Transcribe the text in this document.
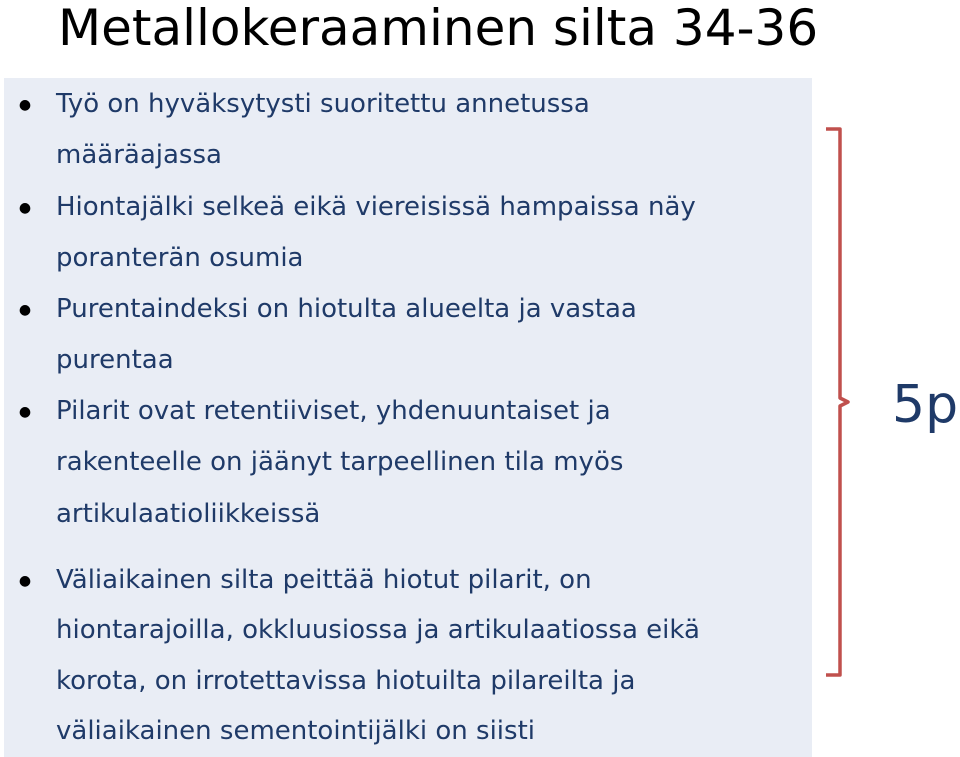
Metallokeraaminen silta 34-36
● Työ on hyväksytysti suoritettu annetussa
määräajassa
● Hiontajälki selkeä eikä viereisissä hampaissa näy
poranterän osumia
● Purentaindeksi on hiotulta alueelta ja vastaa
purentaa
● Pilarit ovat retentiiviset, yhdenuuntaiset ja
rakenteelle on jäänyt tarpeellinen tila myös
artikulaatioliikkeissä
● Väliaikainen silta peittää hiotut pilarit, on
hiontarajoilla, okkluusiossa ja artikulaatiossa eikä
korota, on irrotettavissa hiotuilta pilareilta ja
väliaikainen sementointijälki on siisti
5p
